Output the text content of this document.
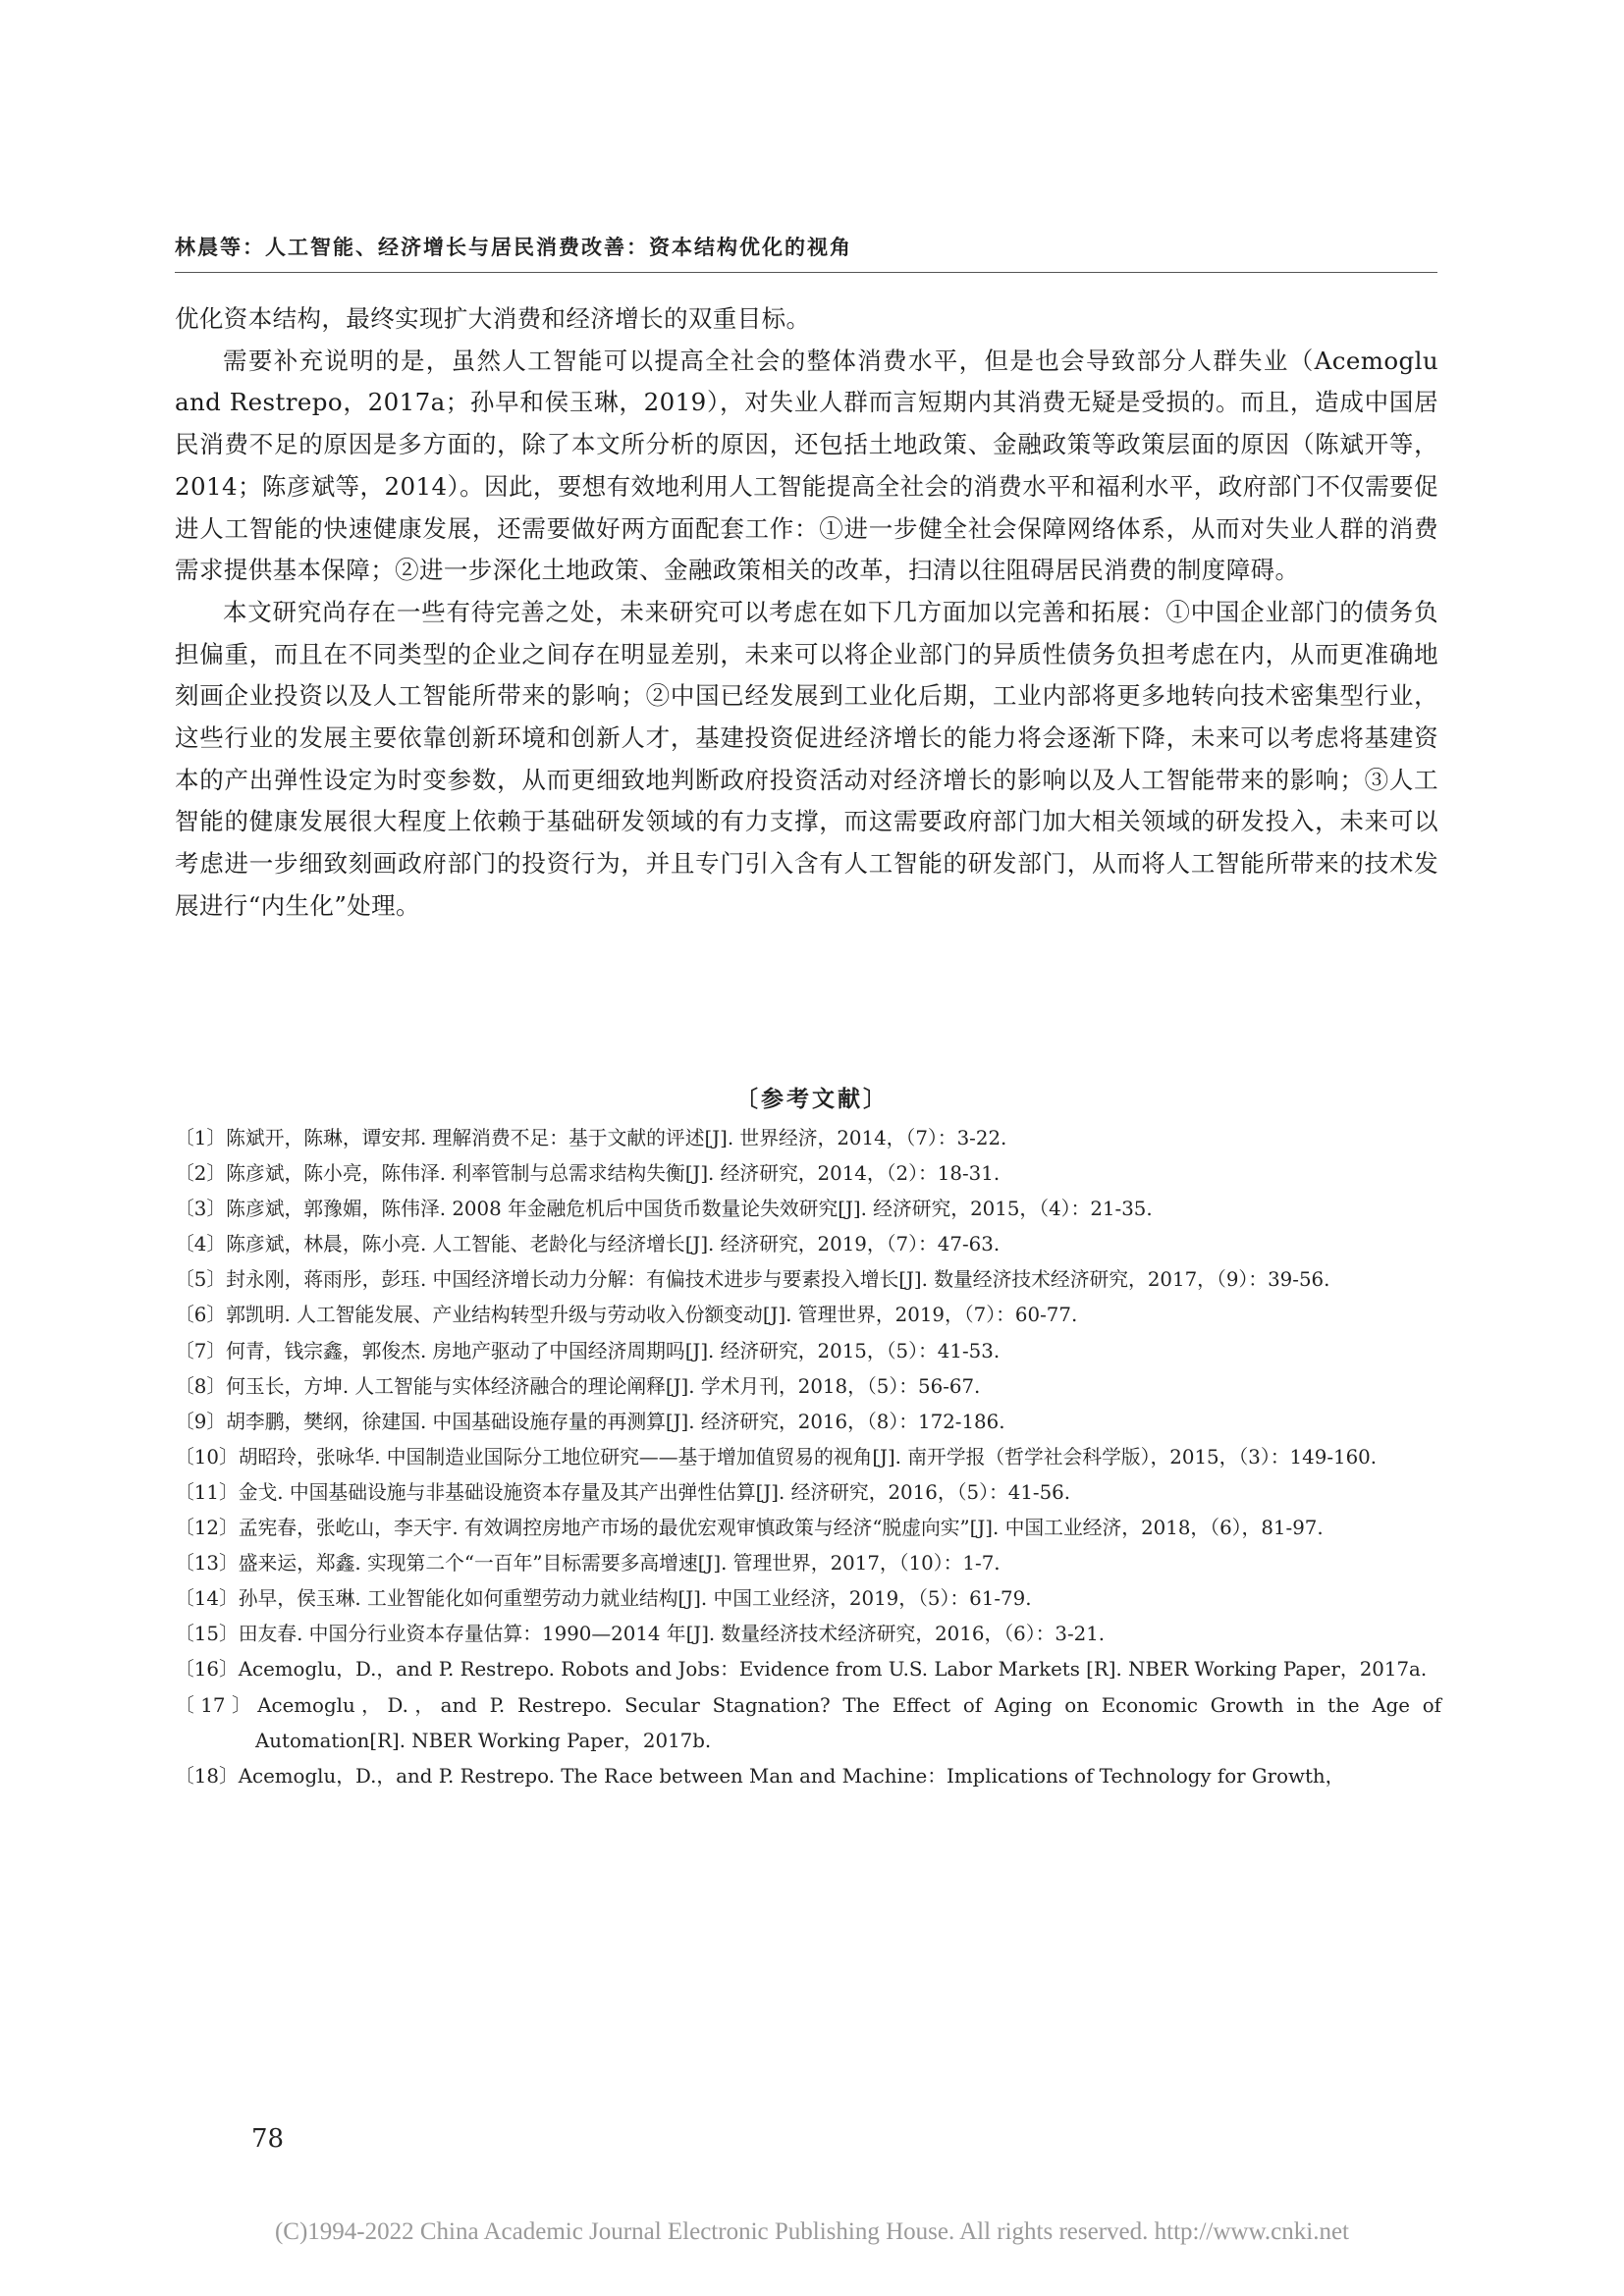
林晨等：人工智能、经济增长与居民消费改善：资本结构优化的视角

优化资本结构，最终实现扩大消费和经济增长的双重目标。

需要补充说明的是，虽然人工智能可以提高全社会的整体消费水平，但是也会导致部分人群失业（Acemoglu and Restrepo，2017a；孙早和侯玉琳，2019），对失业人群而言短期内其消费无疑是受损的。而且，造成中国居民消费不足的原因是多方面的，除了本文所分析的原因，还包括土地政策、金融政策等政策层面的原因（陈斌开等，2014；陈彦斌等，2014）。因此，要想有效地利用人工智能提高全社会的消费水平和福利水平，政府部门不仅需要促进人工智能的快速健康发展，还需要做好两方面配套工作：①进一步健全社会保障网络体系，从而对失业人群的消费需求提供基本保障；②进一步深化土地政策、金融政策相关的改革，扫清以往阻碍居民消费的制度障碍。

本文研究尚存在一些有待完善之处，未来研究可以考虑在如下几方面加以完善和拓展：①中国企业部门的债务负担偏重，而且在不同类型的企业之间存在明显差别，未来可以将企业部门的异质性债务负担考虑在内，从而更准确地刻画企业投资以及人工智能所带来的影响；②中国已经发展到工业化后期，工业内部将更多地转向技术密集型行业，这些行业的发展主要依靠创新环境和创新人才，基建投资促进经济增长的能力将会逐渐下降，未来可以考虑将基建资本的产出弹性设定为时变参数，从而更细致地判断政府投资活动对经济增长的影响以及人工智能带来的影响；③人工智能的健康发展很大程度上依赖于基础研发领域的有力支撑，而这需要政府部门加大相关领域的研发投入，未来可以考虑进一步细致刻画政府部门的投资行为，并且专门引入含有人工智能的研发部门，从而将人工智能所带来的技术发展进行“内生化”处理。

〔参考文献〕
〔1〕陈斌开，陈琳，谭安邦. 理解消费不足：基于文献的评述[J]. 世界经济，2014，（7）：3-22.
〔2〕陈彦斌，陈小亮，陈伟泽. 利率管制与总需求结构失衡[J]. 经济研究，2014，（2）：18-31.
〔3〕陈彦斌，郭豫媚，陈伟泽. 2008 年金融危机后中国货币数量论失效研究[J]. 经济研究，2015，（4）：21-35.
〔4〕陈彦斌，林晨，陈小亮. 人工智能、老龄化与经济增长[J]. 经济研究，2019，（7）：47-63.
〔5〕封永刚，蒋雨彤，彭珏. 中国经济增长动力分解：有偏技术进步与要素投入增长[J]. 数量经济技术经济研究，2017，（9）：39-56.
〔6〕郭凯明. 人工智能发展、产业结构转型升级与劳动收入份额变动[J]. 管理世界，2019，（7）：60-77.
〔7〕何青，钱宗鑫，郭俊杰. 房地产驱动了中国经济周期吗[J]. 经济研究，2015，（5）：41-53.
〔8〕何玉长，方坤. 人工智能与实体经济融合的理论阐释[J]. 学术月刊，2018，（5）：56-67.
〔9〕胡李鹏，樊纲，徐建国. 中国基础设施存量的再测算[J]. 经济研究，2016，（8）：172-186.
〔10〕胡昭玲，张咏华. 中国制造业国际分工地位研究——基于增加值贸易的视角[J]. 南开学报（哲学社会科学版），2015，（3）：149-160.
〔11〕金戈. 中国基础设施与非基础设施资本存量及其产出弹性估算[J]. 经济研究，2016，（5）：41-56.
〔12〕孟宪春，张屹山，李天宇. 有效调控房地产市场的最优宏观审慎政策与经济“脱虚向实”[J]. 中国工业经济，2018，（6），81-97.
〔13〕盛来运，郑鑫. 实现第二个“一百年”目标需要多高增速[J]. 管理世界，2017，（10）：1-7.
〔14〕孙早，侯玉琳. 工业智能化如何重塑劳动力就业结构[J]. 中国工业经济，2019，（5）：61-79.
〔15〕田友春. 中国分行业资本存量估算：1990—2014 年[J]. 数量经济技术经济研究，2016，（6）：3-21.
〔16〕Acemoglu，D.，and P. Restrepo. Robots and Jobs：Evidence from U.S. Labor Markets [R]. NBER Working Paper，2017a.
〔17〕Acemoglu，D.，and P. Restrepo. Secular Stagnation? The Effect of Aging on Economic Growth in the Age of Automation[R]. NBER Working Paper，2017b.
〔18〕Acemoglu，D.，and P. Restrepo. The Race between Man and Machine：Implications of Technology for Growth，
78
(C)1994-2022 China Academic Journal Electronic Publishing House. All rights reserved. http://www.cnki.net
